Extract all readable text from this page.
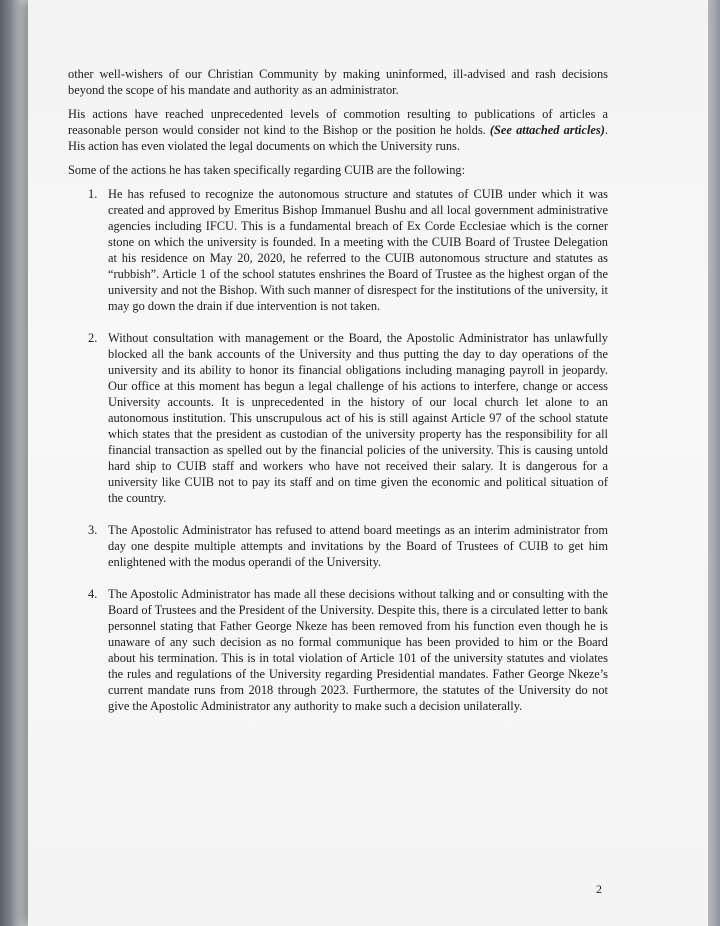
other well-wishers of our Christian Community by making uninformed, ill-advised and rash decisions beyond the scope of his mandate and authority as an administrator.

His actions have reached unprecedented levels of commotion resulting to publications of articles a reasonable person would consider not kind to the Bishop or the position he holds. (See attached articles). His action has even violated the legal documents on which the University runs.

Some of the actions he has taken specifically regarding CUIB are the following:

1. He has refused to recognize the autonomous structure and statutes of CUIB under which it was created and approved by Emeritus Bishop Immanuel Bushu and all local government administrative agencies including IFCU. This is a fundamental breach of Ex Corde Ecclesiae which is the corner stone on which the university is founded. In a meeting with the CUIB Board of Trustee Delegation at his residence on May 20, 2020, he referred to the CUIB autonomous structure and statutes as “rubbish”. Article 1 of the school statutes enshrines the Board of Trustee as the highest organ of the university and not the Bishop. With such manner of disrespect for the institutions of the university, it may go down the drain if due intervention is not taken.
2. Without consultation with management or the Board, the Apostolic Administrator has unlawfully blocked all the bank accounts of the University and thus putting the day to day operations of the university and its ability to honor its financial obligations including managing payroll in jeopardy. Our office at this moment has begun a legal challenge of his actions to interfere, change or access University accounts. It is unprecedented in the history of our local church let alone to an autonomous institution. This unscrupulous act of his is still against Article 97 of the school statute which states that the president as custodian of the university property has the responsibility for all financial transaction as spelled out by the financial policies of the university. This is causing untold hard ship to CUIB staff and workers who have not received their salary. It is dangerous for a university like CUIB not to pay its staff and on time given the economic and political situation of the country.
3. The Apostolic Administrator has refused to attend board meetings as an interim administrator from day one despite multiple attempts and invitations by the Board of Trustees of CUIB to get him enlightened with the modus operandi of the University.
4. The Apostolic Administrator has made all these decisions without talking and or consulting with the Board of Trustees and the President of the University. Despite this, there is a circulated letter to bank personnel stating that Father George Nkeze has been removed from his function even though he is unaware of any such decision as no formal communique has been provided to him or the Board about his termination. This is in total violation of Article 101 of the university statutes and violates the rules and regulations of the University regarding Presidential mandates. Father George Nkeze’s current mandate runs from 2018 through 2023. Furthermore, the statutes of the University do not give the Apostolic Administrator any authority to make such a decision unilaterally.
2
